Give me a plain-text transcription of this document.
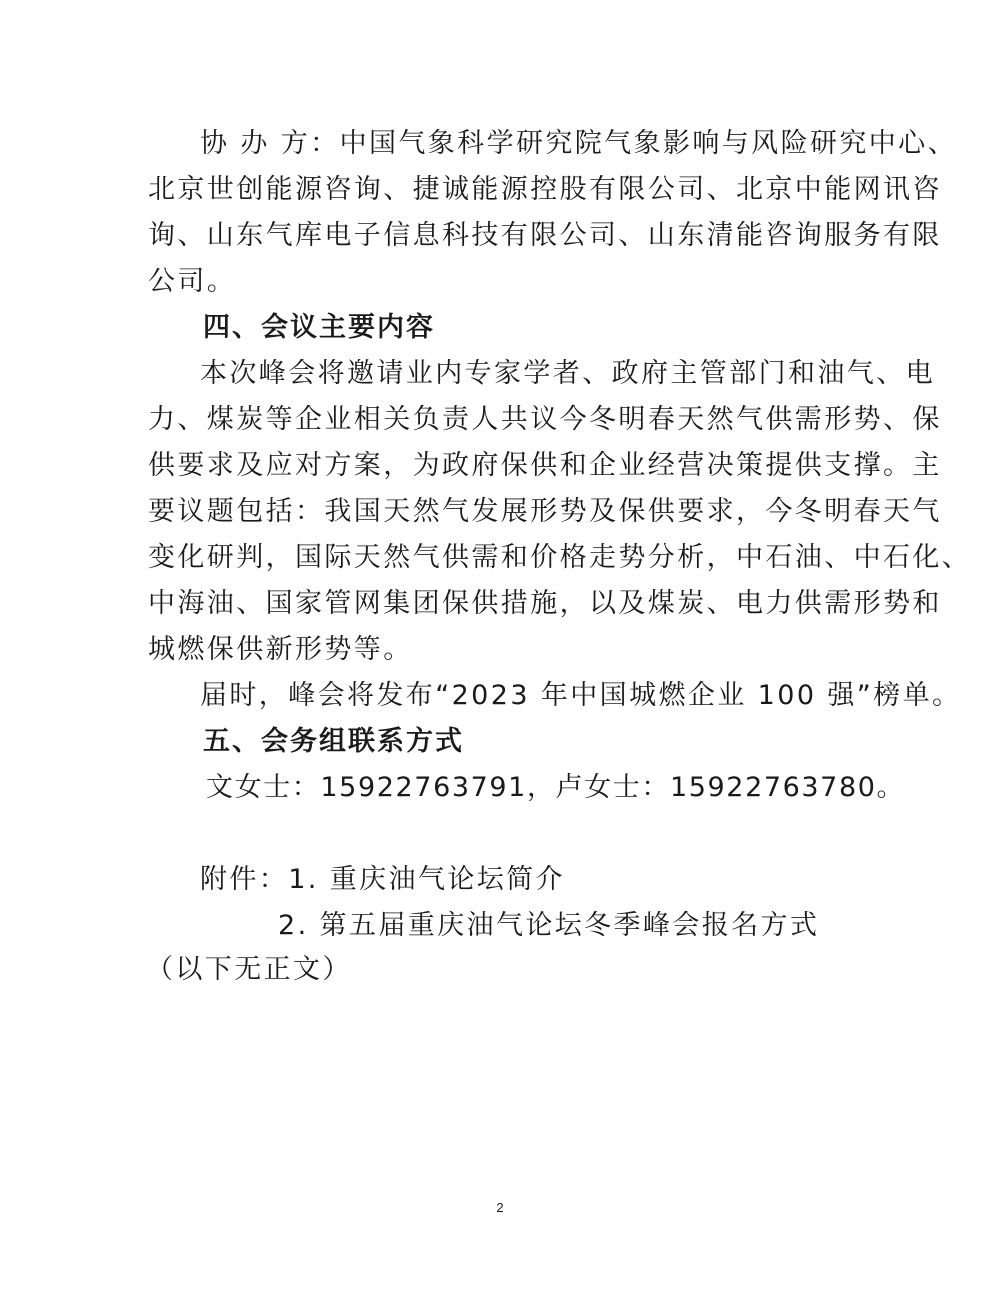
协 办 方：中国气象科学研究院气象影响与风险研究中心、
北京世创能源咨询、捷诚能源控股有限公司、北京中能网讯咨
询、山东气库电子信息科技有限公司、山东清能咨询服务有限
公司。
四、会议主要内容
本次峰会将邀请业内专家学者、政府主管部门和油气、电
力、煤炭等企业相关负责人共议今冬明春天然气供需形势、保
供要求及应对方案，为政府保供和企业经营决策提供支撑。主
要议题包括：我国天然气发展形势及保供要求，今冬明春天气
变化研判，国际天然气供需和价格走势分析，中石油、中石化、
中海油、国家管网集团保供措施，以及煤炭、电力供需形势和
城燃保供新形势等。
届时，峰会将发布“2023 年中国城燃企业 100 强”榜单。
五、会务组联系方式
文女士：15922763791，卢女士：15922763780。
附件：1. 重庆油气论坛简介
2. 第五届重庆油气论坛冬季峰会报名方式
（以下无正文）
2
